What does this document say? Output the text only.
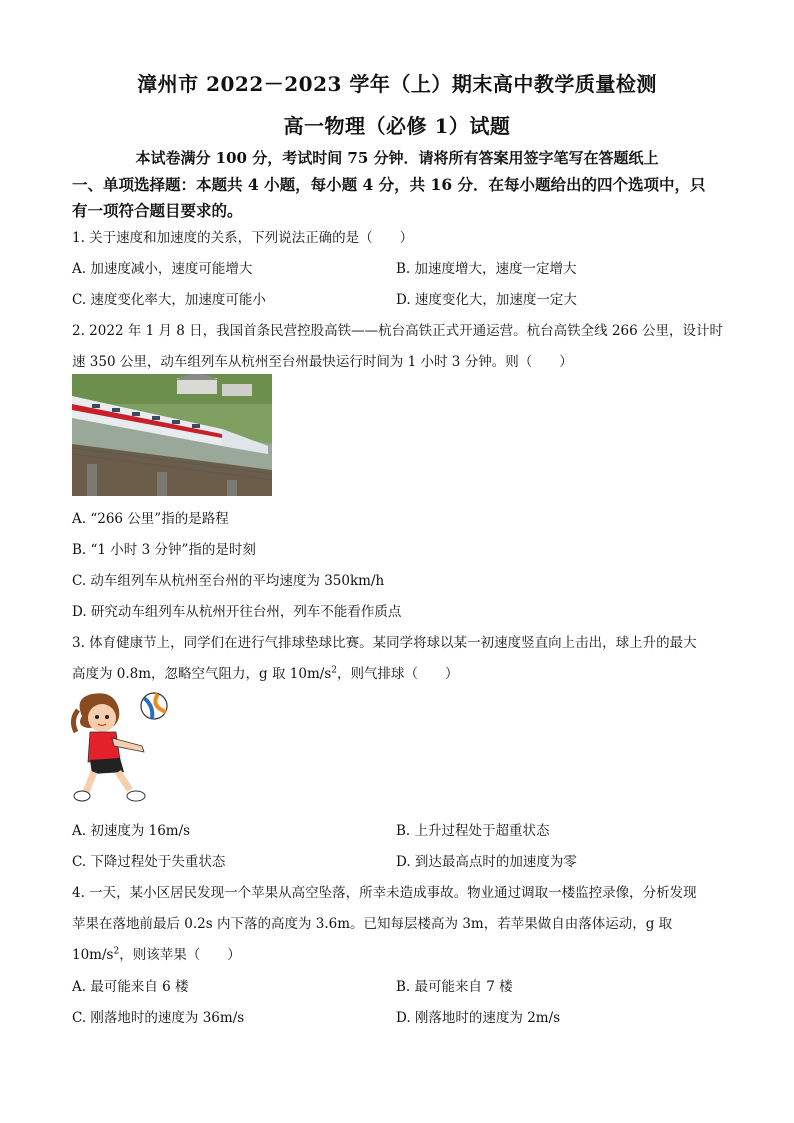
漳州市 2022－2023 学年（上）期末高中教学质量检测
高一物理（必修 1）试题
本试卷满分 100 分，考试时间 75 分钟．请将所有答案用签字笔写在答题纸上
一、单项选择题：本题共 4 小题，每小题 4 分，共 16 分．在每小题给出的四个选项中，只
有一项符合题目要求的。
1. 关于速度和加速度的关系，下列说法正确的是（　　）
A. 加速度减小，速度可能增大	B. 加速度增大，速度一定增大
C. 速度变化率大，加速度可能小	D. 速度变化大，加速度一定大
2. 2022 年 1 月 8 日，我国首条民营控股高铁——杭台高铁正式开通运营。杭台高铁全线 266 公里，设计时
速 350 公里，动车组列车从杭州至台州最快运行时间为 1 小时 3 分钟。则（　　）
A. “266 公里”指的是路程
B. “1 小时 3 分钟”指的是时刻
C. 动车组列车从杭州至台州的平均速度为 350km/h
D. 研究动车组列车从杭州开往台州，列车不能看作质点
3. 体育健康节上，同学们在进行气排球垫球比赛。某同学将球以某一初速度竖直向上击出，球上升的最大
高度为 0.8m，忽略空气阻力，g 取 $10m/s^2$，则气排球（　　）
A. 初速度为 16m/s	B. 上升过程处于超重状态
C. 下降过程处于失重状态	D. 到达最高点时的加速度为零
4. 一天，某小区居民发现一个苹果从高空坠落，所幸未造成事故。物业通过调取一楼监控录像，分析发现
苹果在落地前最后 0.2s 内下落的高度为 3.6m。已知每层楼高为 3m，若苹果做自由落体运动，g 取
$10m/s^2$，则该苹果（　　）
A. 最可能来自 6 楼	B. 最可能来自 7 楼
C. 刚落地时的速度为 36m/s	D. 刚落地时的速度为 2m/s
